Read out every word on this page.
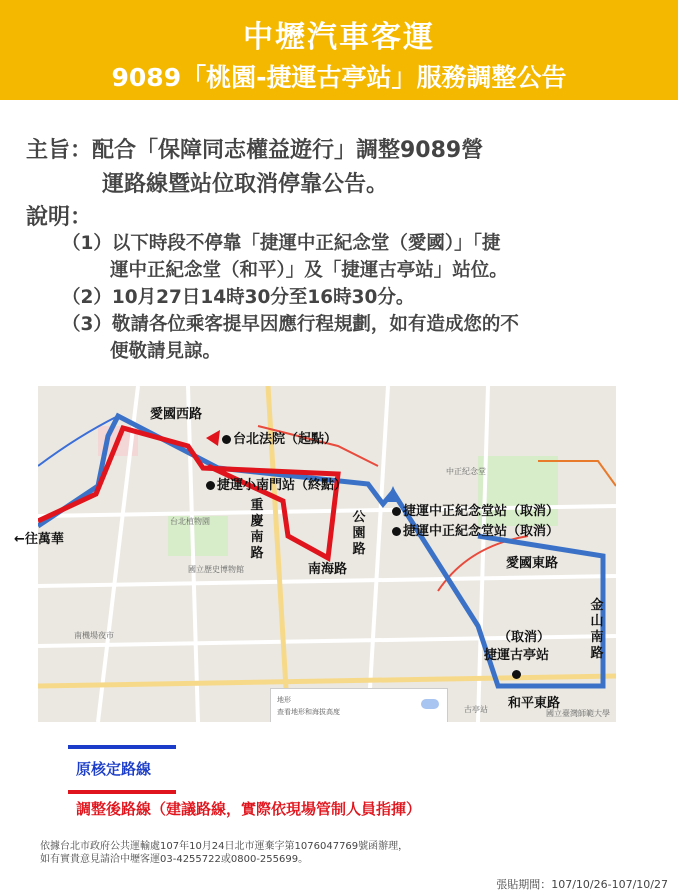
中壢汽車客運
9089「桃園-捷運古亭站」服務調整公告
主旨：配合「保障同志權益遊行」調整9089營
運路線暨站位取消停靠公告。
說明：
（1）以下時段不停靠「捷運中正紀念堂（愛國）」「捷
運中正紀念堂（和平）」及「捷運古亭站」站位。
（2）10月27日14時30分至16時30分。
（3）敬請各位乘客提早因應行程規劃，如有造成您的不
便敬請見諒。
愛國西路
台北法院（起點）
捷運小南門站（終點）
重慶南路
南海路
公園路
捷運中正紀念堂站（取消）
捷運中正紀念堂站（取消）
愛國東路
金山南路
（取消）
捷運古亭站
和平東路
中正紀念堂
台北植物園
國立歷史博物館
南機場夜市
古亭站	國立臺灣師範大學
地形
查看地形和海拔高度
←往萬華
原核定路線
調整後路線（建議路線，實際依現場管制人員指揮）
依據台北市政府公共運輸處107年10月24日北市運棄字第1076047769號函辦理，
如有實貴意見請洽中壢客運03-4255722或0800-255699。
張貼期間：107/10/26-107/10/27
